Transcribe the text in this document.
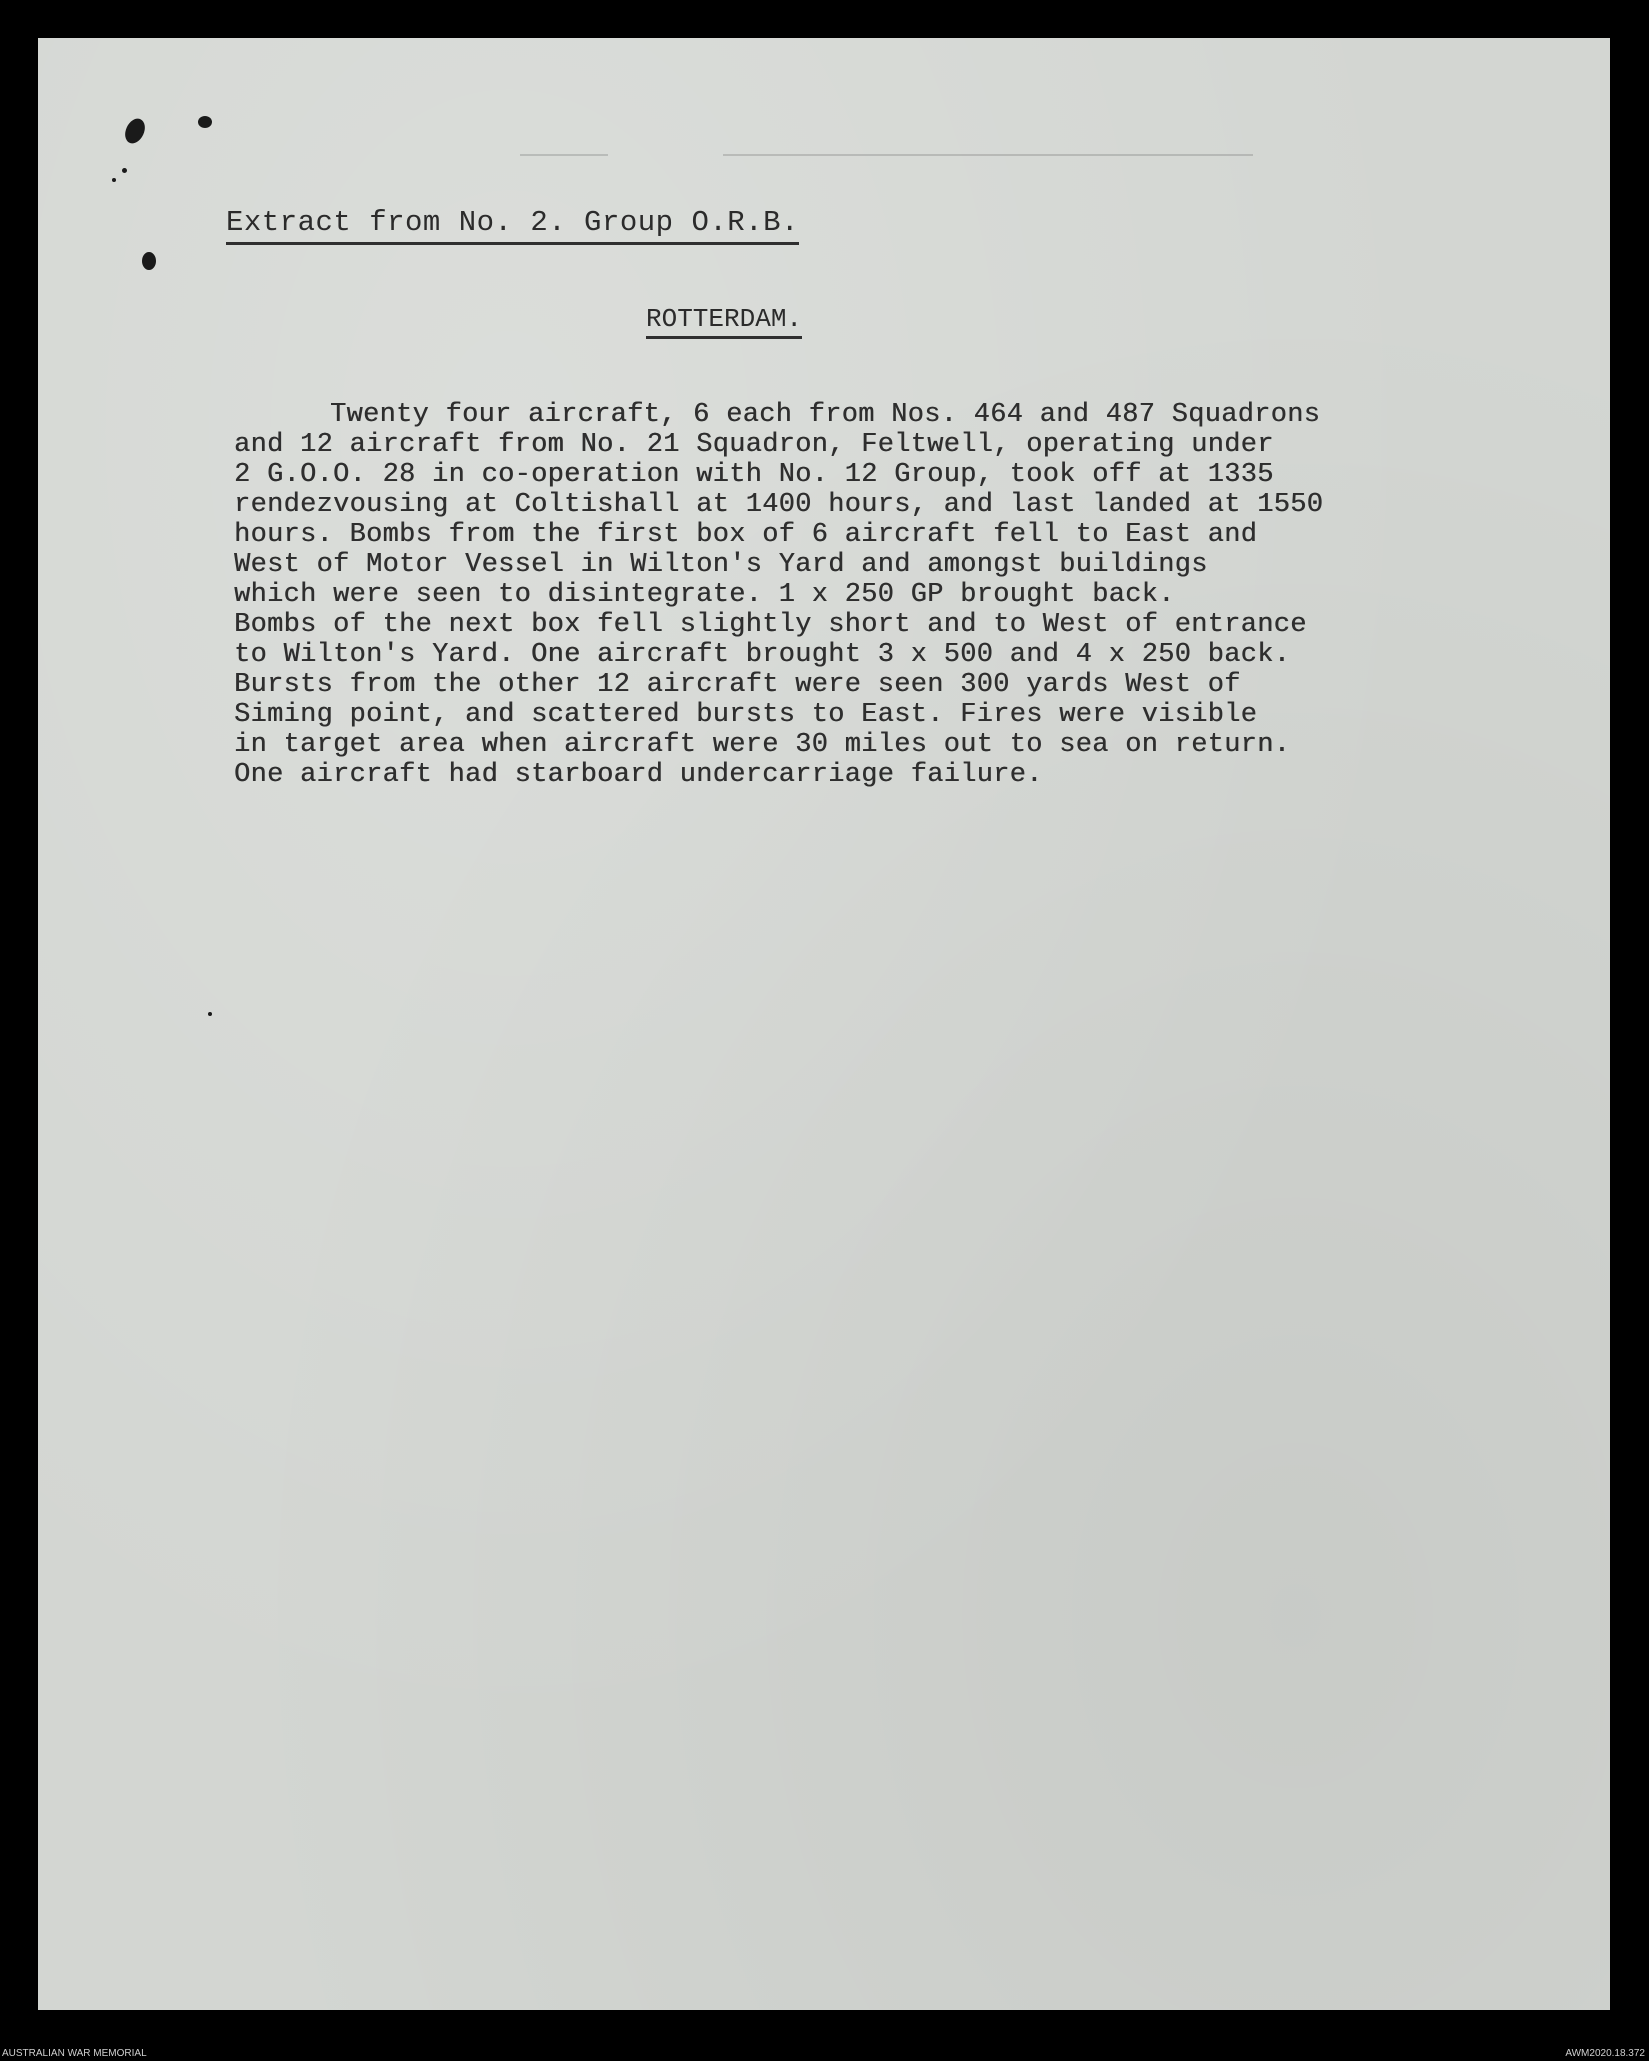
Extract from No. 2. Group O.R.B.
ROTTERDAM.
Twenty four aircraft, 6 each from Nos. 464 and 487 Squadrons
and 12 aircraft from No. 21 Squadron, Feltwell, operating under
2 G.O.O. 28 in co-operation with No. 12 Group, took off at 1335
rendezvousing at Coltishall at 1400 hours, and last landed at 1550
hours. Bombs from the first box of 6 aircraft fell to East and
West of Motor Vessel in Wilton's Yard and amongst buildings
which were seen to disintegrate. 1 x 250 GP brought back.
Bombs of the next box fell slightly short and to West of entrance
to Wilton's Yard. One aircraft brought 3 x 500 and 4 x 250 back.
Bursts from the other 12 aircraft were seen 300 yards West of
Siming point, and scattered bursts to East. Fires were visible
in target area when aircraft were 30 miles out to sea on return.
One aircraft had starboard undercarriage failure.
AUSTRALIAN WAR MEMORIAL	AWM2020.18.372
